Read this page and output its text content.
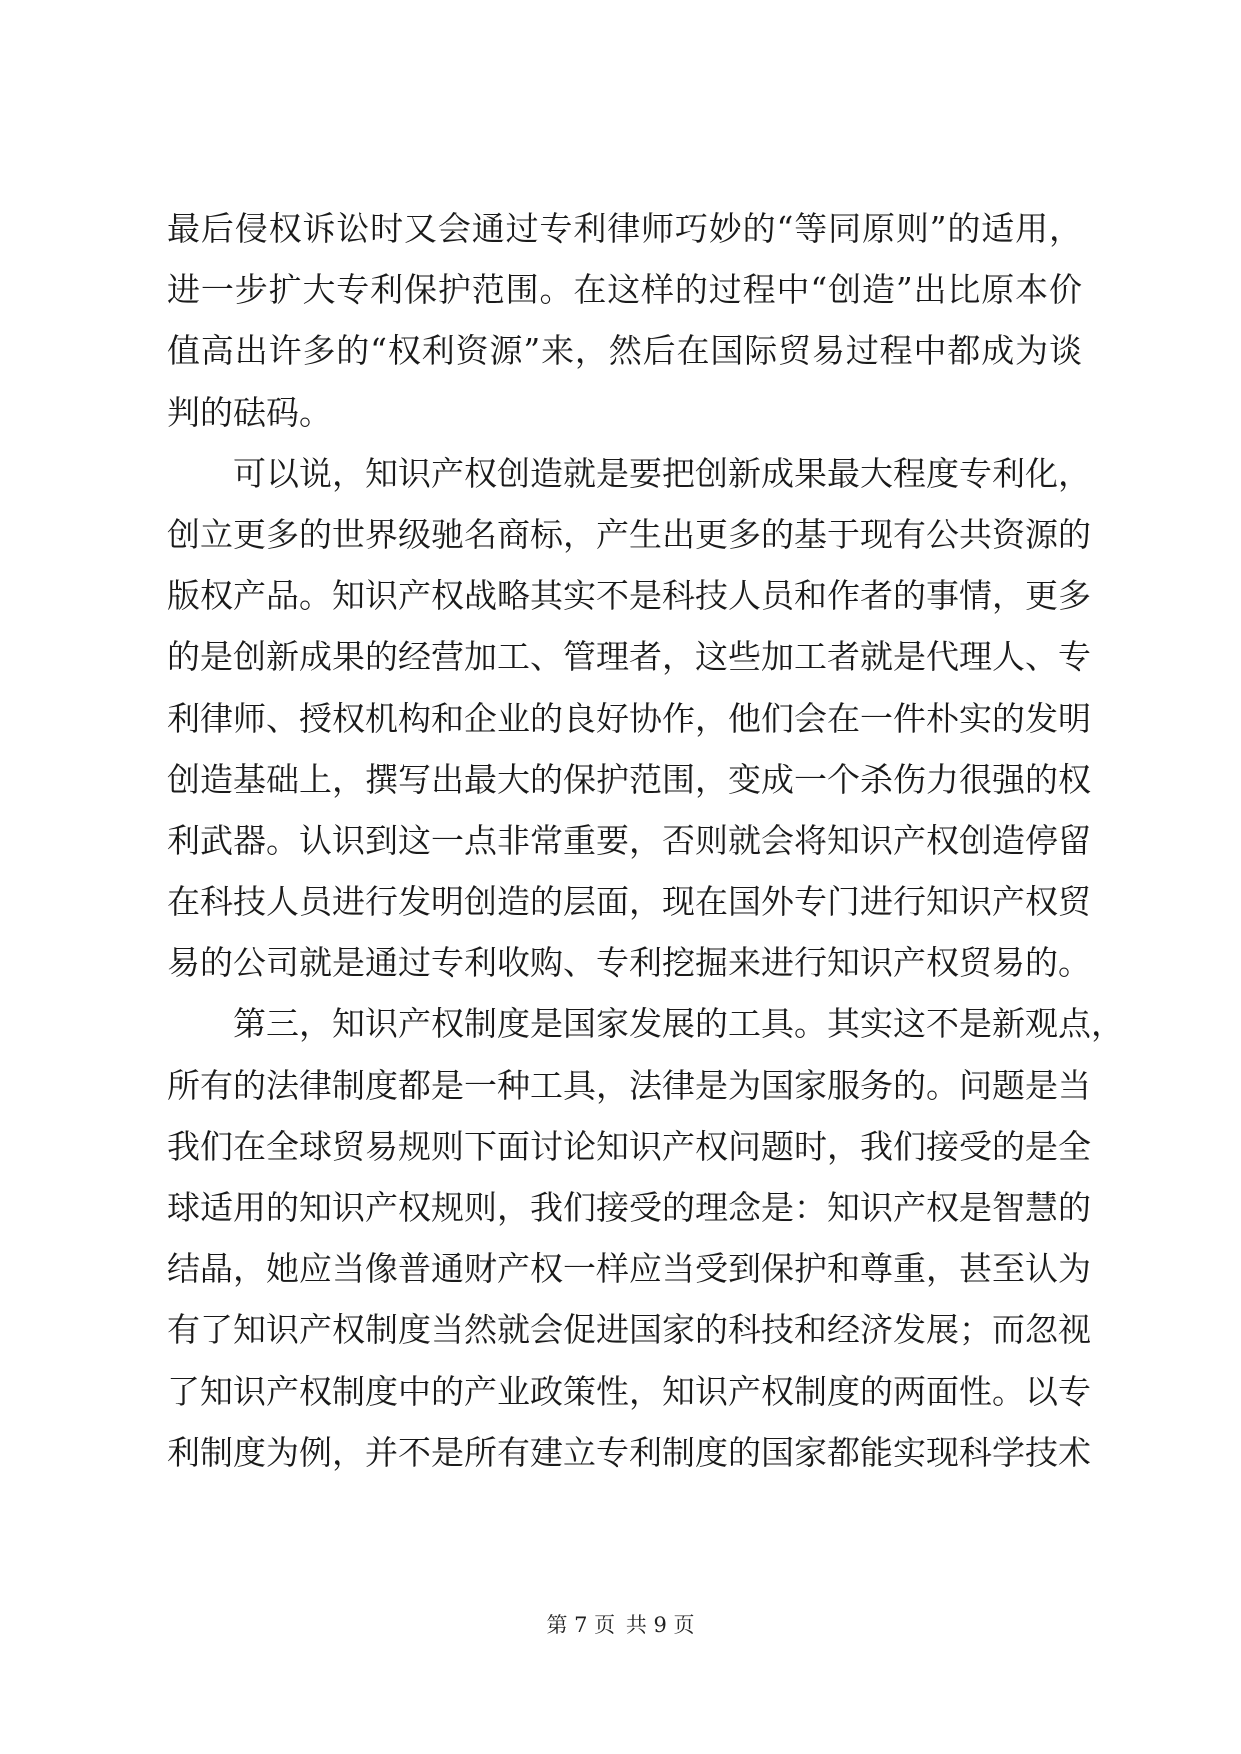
最后侵权诉讼时又会通过专利律师巧妙的“等同原则”的适用，
进一步扩大专利保护范围。在这样的过程中“创造”出比原本价
值高出许多的“权利资源”来，然后在国际贸易过程中都成为谈
判的砝码。
可以说，知识产权创造就是要把创新成果最大程度专利化，
创立更多的世界级驰名商标，产生出更多的基于现有公共资源的
版权产品。知识产权战略其实不是科技人员和作者的事情，更多
的是创新成果的经营加工、管理者，这些加工者就是代理人、专
利律师、授权机构和企业的良好协作，他们会在一件朴实的发明
创造基础上，撰写出最大的保护范围，变成一个杀伤力很强的权
利武器。认识到这一点非常重要，否则就会将知识产权创造停留
在科技人员进行发明创造的层面，现在国外专门进行知识产权贸
易的公司就是通过专利收购、专利挖掘来进行知识产权贸易的。
第三，知识产权制度是国家发展的工具。其实这不是新观点，
所有的法律制度都是一种工具，法律是为国家服务的。问题是当
我们在全球贸易规则下面讨论知识产权问题时，我们接受的是全
球适用的知识产权规则，我们接受的理念是：知识产权是智慧的
结晶，她应当像普通财产权一样应当受到保护和尊重，甚至认为
有了知识产权制度当然就会促进国家的科技和经济发展；而忽视
了知识产权制度中的产业政策性，知识产权制度的两面性。以专
利制度为例，并不是所有建立专利制度的国家都能实现科学技术
第 7 页 共 9 页
